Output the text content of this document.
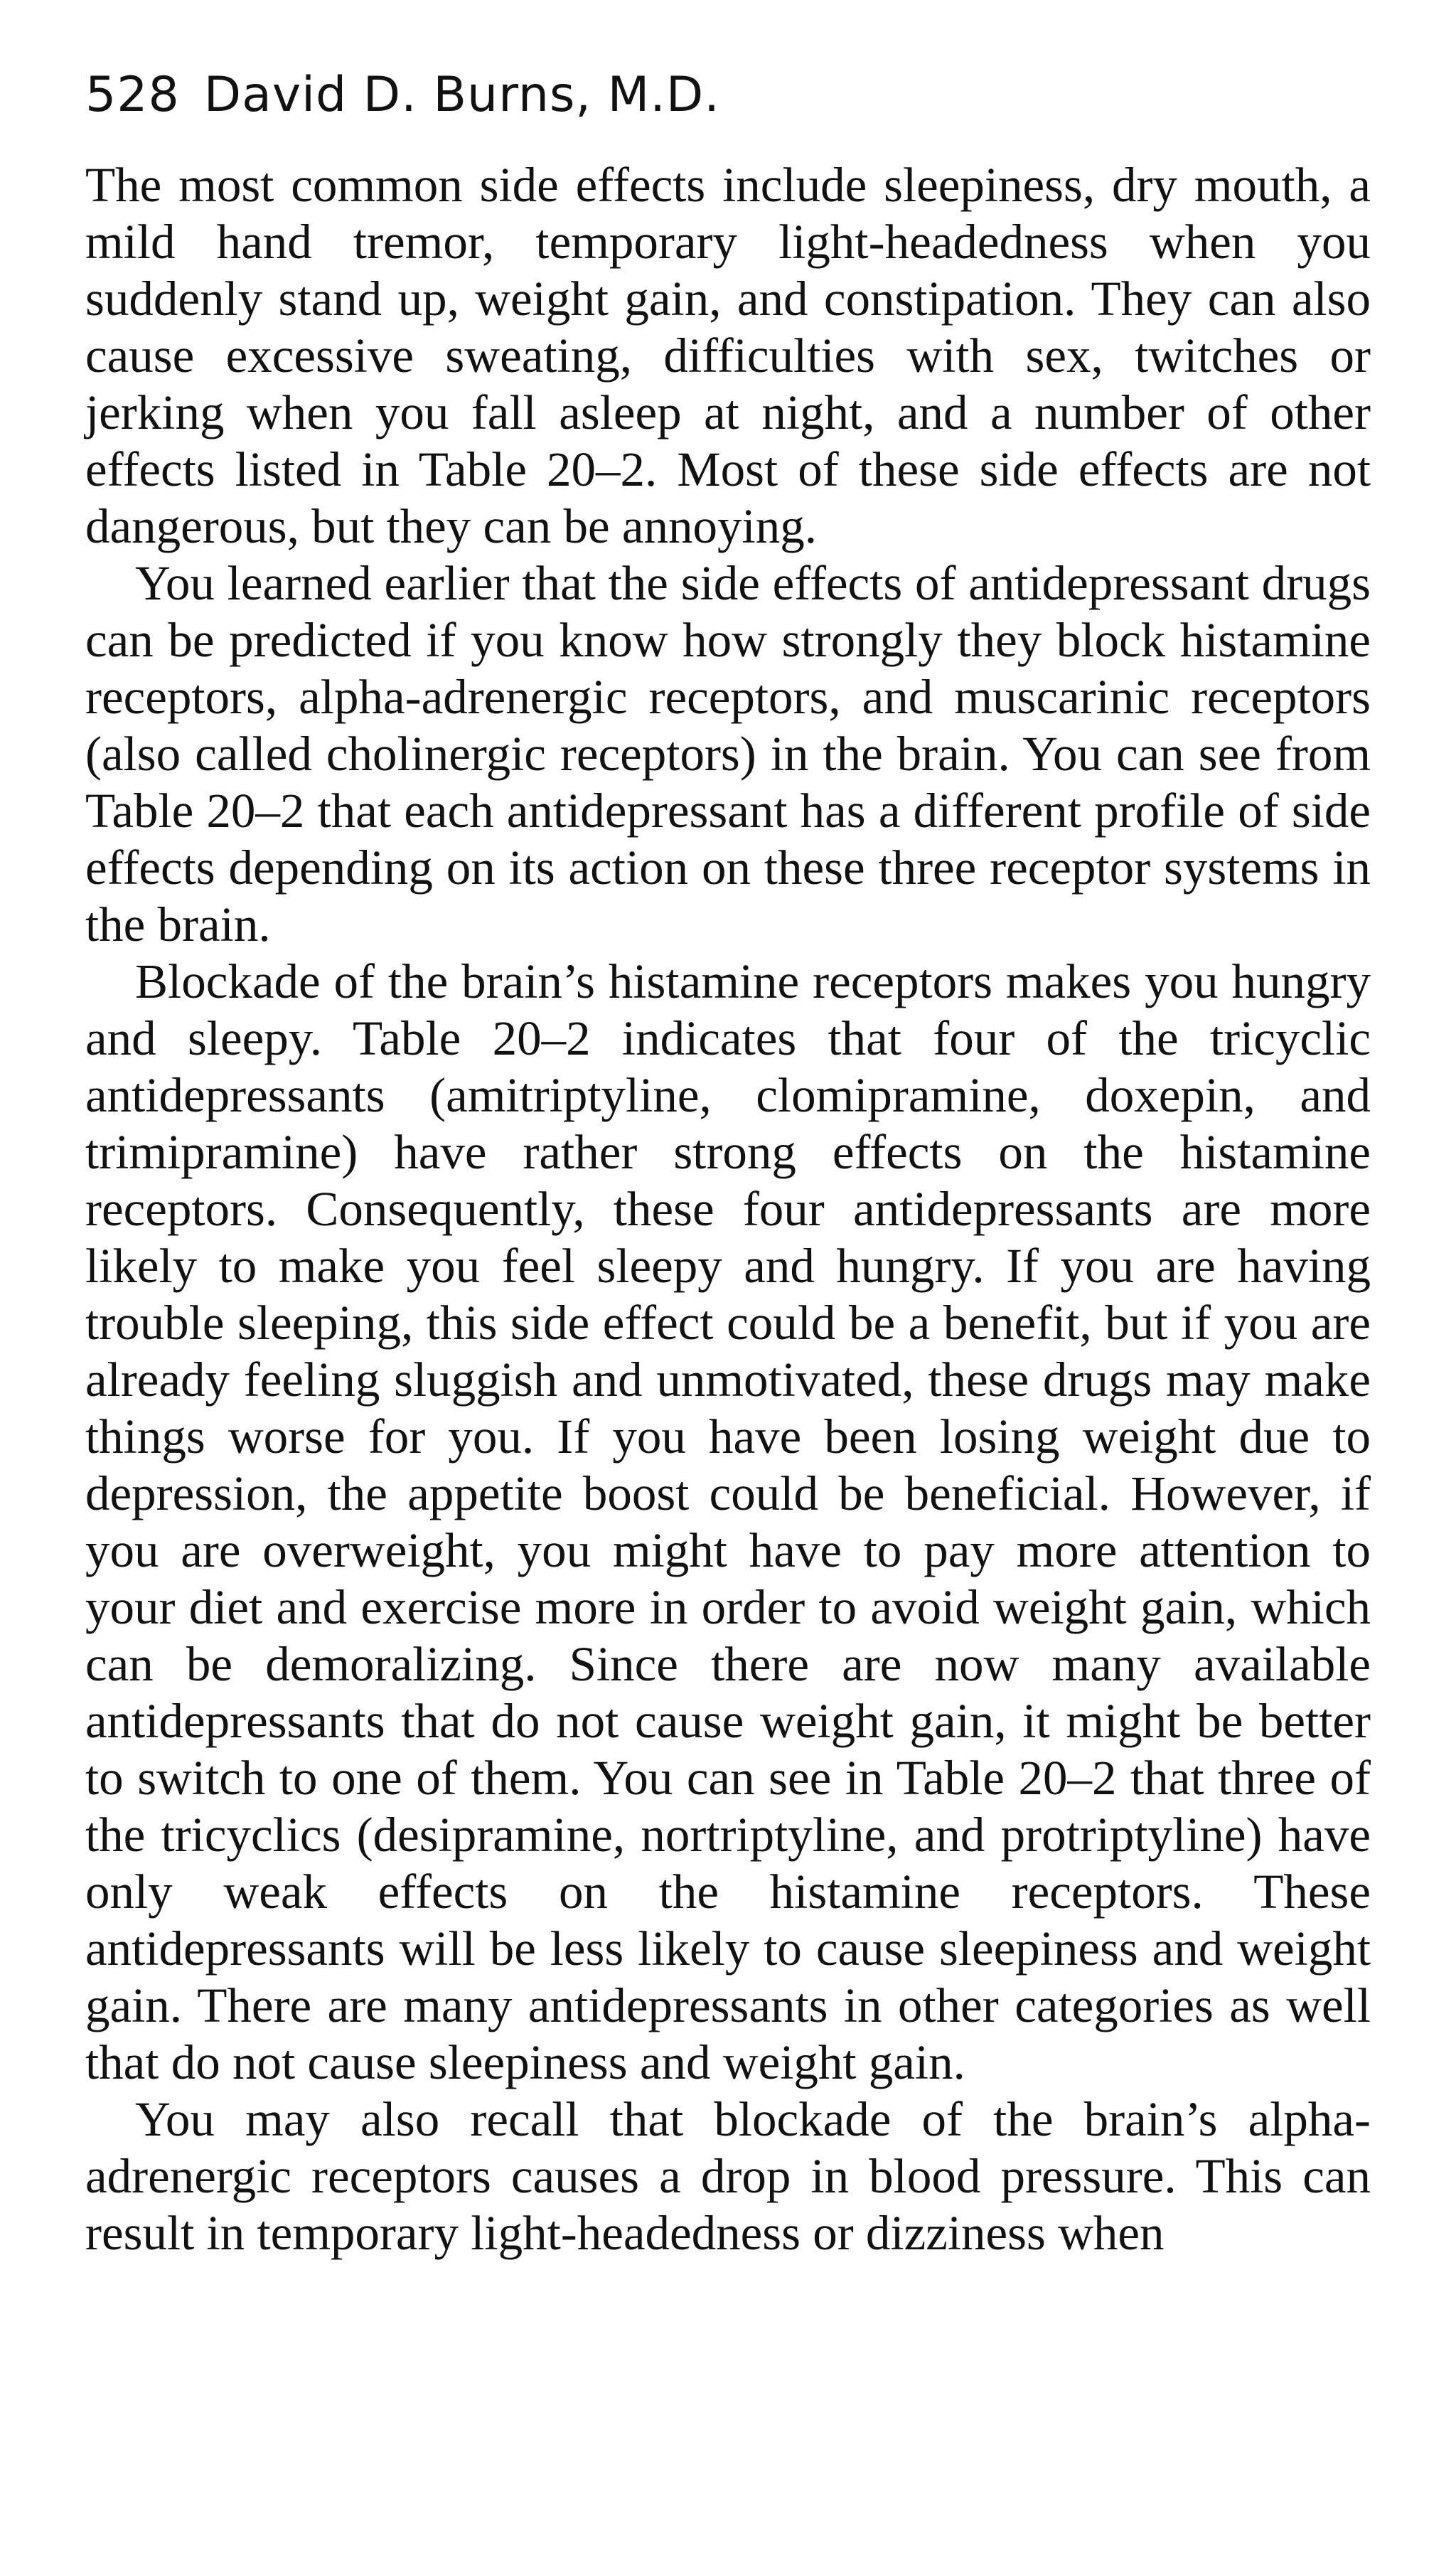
528 David D. Burns, M.D.

The most common side effects include sleepiness, dry mouth, a mild hand tremor, temporary light-headedness when you suddenly stand up, weight gain, and constipation. They can also cause excessive sweating, difficulties with sex, twitches or jerking when you fall asleep at night, and a number of other effects listed in Table 20–2. Most of these side effects are not dangerous, but they can be annoying.

You learned earlier that the side effects of antidepressant drugs can be predicted if you know how strongly they block histamine receptors, alpha-adrenergic receptors, and muscarinic receptors (also called cholinergic receptors) in the brain. You can see from Table 20–2 that each antidepressant has a different profile of side effects depending on its action on these three receptor systems in the brain.

Blockade of the brain’s histamine receptors makes you hungry and sleepy. Table 20–2 indicates that four of the tricyclic antidepressants (amitriptyline, clomipramine, doxepin, and trimipramine) have rather strong effects on the histamine receptors. Consequently, these four antidepressants are more likely to make you feel sleepy and hungry. If you are having trouble sleeping, this side effect could be a benefit, but if you are already feeling sluggish and unmotivated, these drugs may make things worse for you. If you have been losing weight due to depression, the appetite boost could be beneficial. However, if you are overweight, you might have to pay more attention to your diet and exercise more in order to avoid weight gain, which can be demoralizing. Since there are now many available antidepressants that do not cause weight gain, it might be better to switch to one of them. You can see in Table 20–2 that three of the tricyclics (desipramine, nortriptyline, and protriptyline) have only weak effects on the histamine receptors. These antidepressants will be less likely to cause sleepiness and weight gain. There are many antidepressants in other categories as well that do not cause sleepiness and weight gain.

You may also recall that blockade of the brain’s alpha-adrenergic receptors causes a drop in blood pressure. This can result in temporary light-headedness or dizziness when
